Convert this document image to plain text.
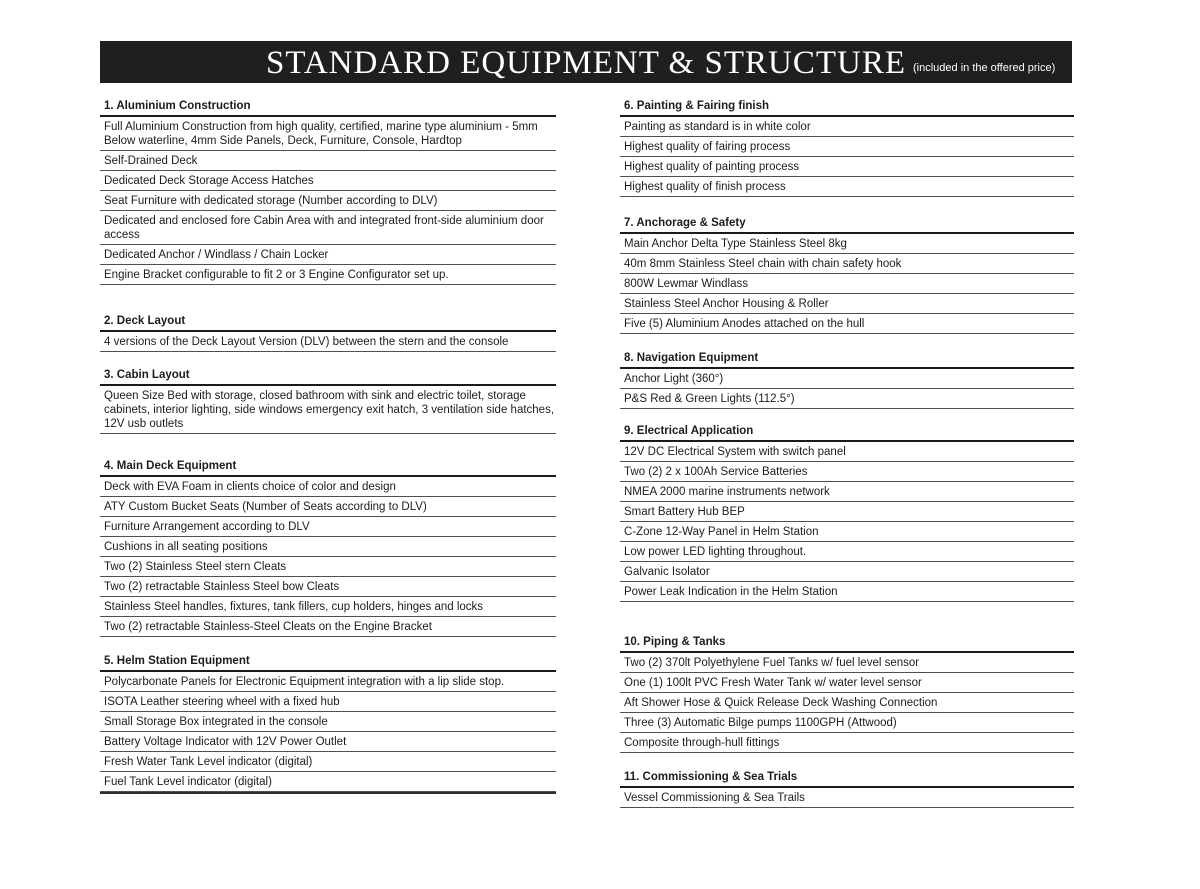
STANDARD EQUIPMENT & STRUCTURE (included in the offered price)
1. Aluminium Construction
Full Aluminium Construction from high quality, certified, marine type aluminium - 5mm Below waterline, 4mm Side Panels, Deck, Furniture, Console, Hardtop
Self-Drained Deck
Dedicated Deck Storage Access Hatches
Seat Furniture with dedicated storage (Number according to DLV)
Dedicated and enclosed fore Cabin Area with and integrated front-side aluminium door access
Dedicated Anchor / Windlass / Chain Locker
Engine Bracket configurable to fit 2 or 3 Engine Configurator set up.
2. Deck Layout
4 versions of the Deck Layout Version (DLV) between the stern and the console
3. Cabin Layout
Queen Size Bed with storage, closed bathroom with sink and electric toilet, storage cabinets, interior lighting, side windows emergency exit hatch, 3 ventilation side hatches, 12V usb outlets
4. Main Deck Equipment
Deck with EVA Foam in clients choice of color and design
ATY Custom Bucket Seats (Number of Seats according to DLV)
Furniture Arrangement according to DLV
Cushions in all seating positions
Two (2) Stainless Steel stern Cleats
Two (2) retractable Stainless Steel bow Cleats
Stainless Steel handles, fixtures, tank fillers, cup holders, hinges and locks
Two (2) retractable Stainless-Steel Cleats on the Engine Bracket
5. Helm Station Equipment
Polycarbonate Panels for Electronic Equipment integration with a lip slide stop.
ISOTA Leather steering wheel with a fixed hub
Small Storage Box integrated in the console
Battery Voltage Indicator with 12V Power Outlet
Fresh Water Tank Level indicator (digital)
Fuel Tank Level indicator (digital)
6. Painting & Fairing finish
Painting as standard is in white color
Highest quality of fairing process
Highest quality of painting process
Highest quality of finish process
7. Anchorage & Safety
Main Anchor Delta Type Stainless Steel 8kg
40m 8mm Stainless Steel chain with chain safety hook
800W Lewmar Windlass
Stainless Steel Anchor Housing & Roller
Five (5) Aluminium Anodes attached on the hull
8. Navigation Equipment
Anchor Light (360°)
P&S Red & Green Lights (112.5°)
9. Electrical Application
12V DC Electrical System with switch panel
Two (2) 2 x 100Ah Service Batteries
NMEA 2000 marine instruments network
Smart Battery Hub BEP
C-Zone 12-Way Panel in Helm Station
Low power LED lighting throughout.
Galvanic Isolator
Power Leak Indication in the Helm Station
10. Piping & Tanks
Two (2) 370lt Polyethylene Fuel Tanks w/ fuel level sensor
One (1) 100lt PVC Fresh Water Tank w/ water level sensor
Aft Shower Hose & Quick Release Deck Washing Connection
Three (3) Automatic Bilge pumps 1100GPH (Attwood)
Composite through-hull fittings
11. Commissioning & Sea Trials
Vessel Commissioning & Sea Trails
